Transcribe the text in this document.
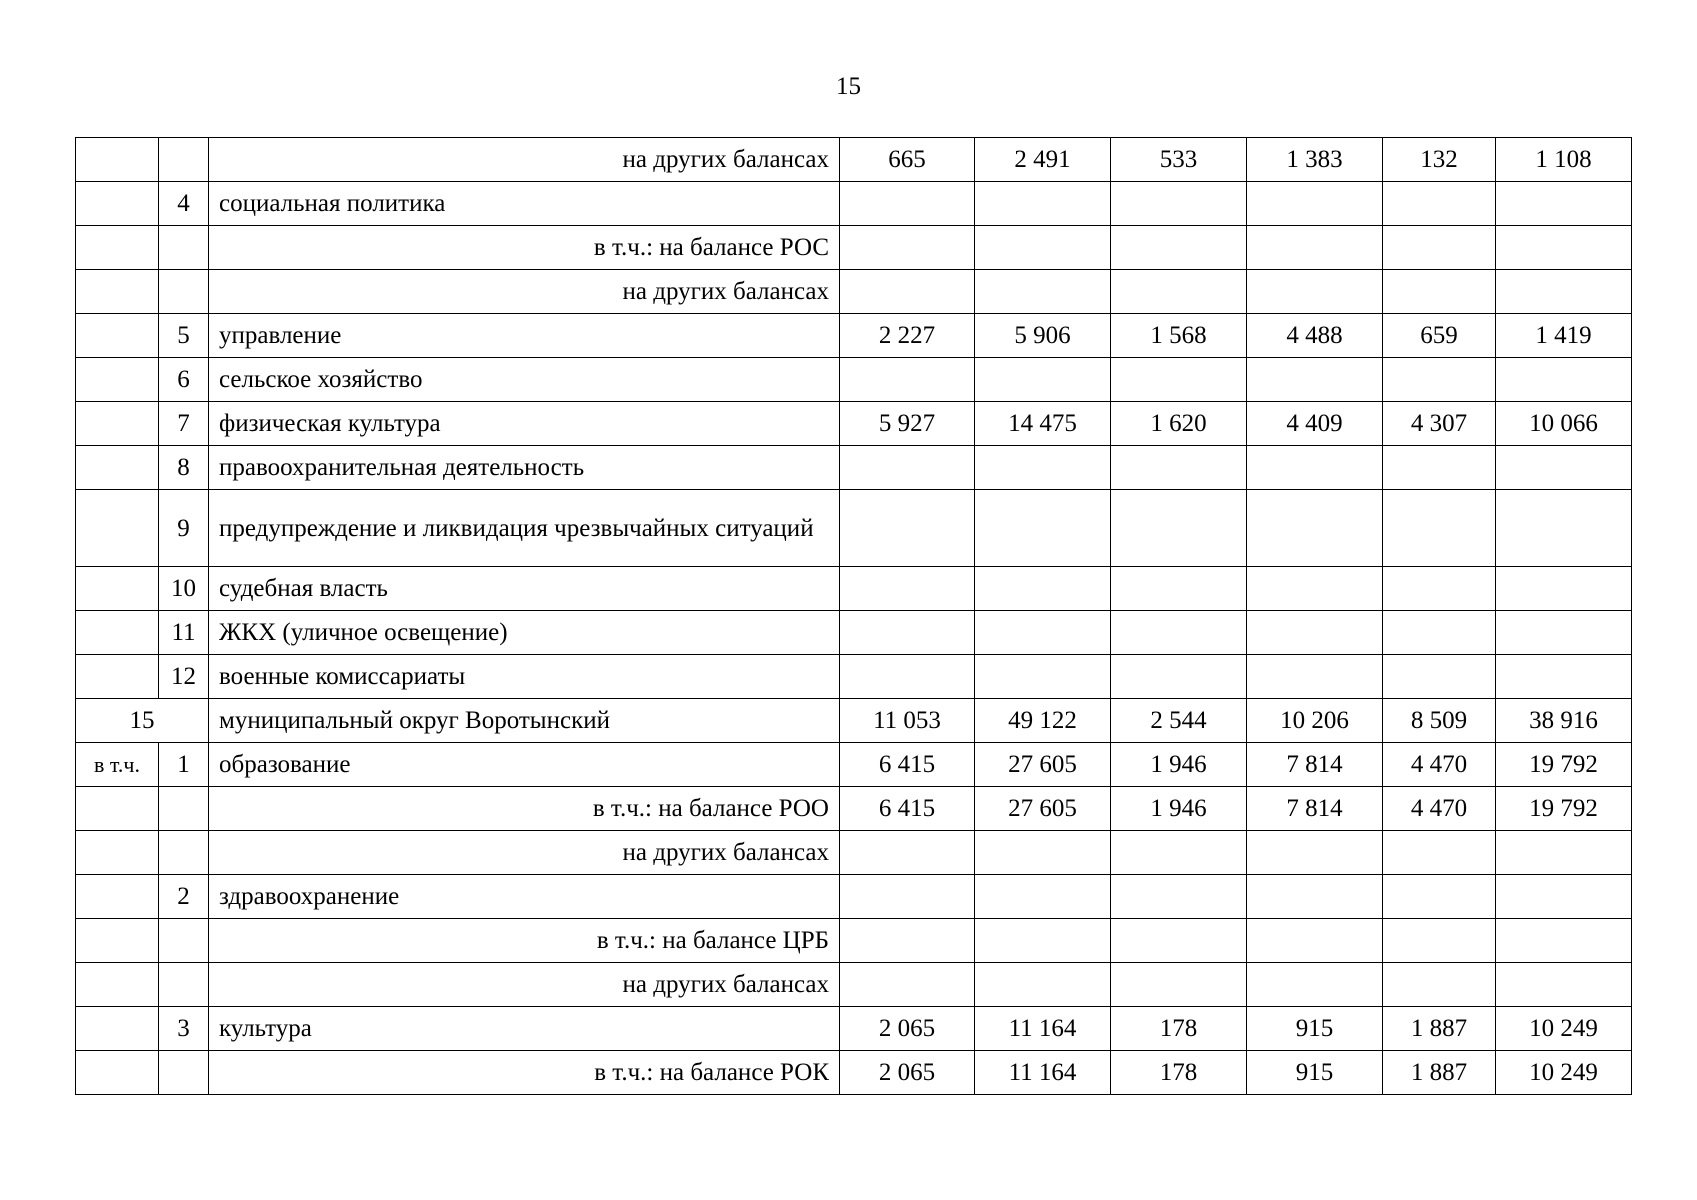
15
		на других балансах	665	2 491	533	1 383	132	1 108
	4	социальная политика						
		в т.ч.: на балансе РОС						
		на других балансах						
	5	управление	2 227	5 906	1 568	4 488	659	1 419
	6	сельское хозяйство						
	7	физическая культура	5 927	14 475	1 620	4 409	4 307	10 066
	8	правоохранительная деятельность						
	9	предупреждение и ликвидация чрезвычайных ситуаций						
	10	судебная власть						
	11	ЖКХ (уличное освещение)						
	12	военные комиссариаты						
15		муниципальный округ Воротынский	11 053	49 122	2 544	10 206	8 509	38 916
в т.ч.	1	образование	6 415	27 605	1 946	7 814	4 470	19 792
		в т.ч.: на балансе РОО	6 415	27 605	1 946	7 814	4 470	19 792
		на других балансах						
	2	здравоохранение						
		в т.ч.: на балансе ЦРБ						
		на других балансах						
	3	культура	2 065	11 164	178	915	1 887	10 249
		в т.ч.: на балансе РОК	2 065	11 164	178	915	1 887	10 249
